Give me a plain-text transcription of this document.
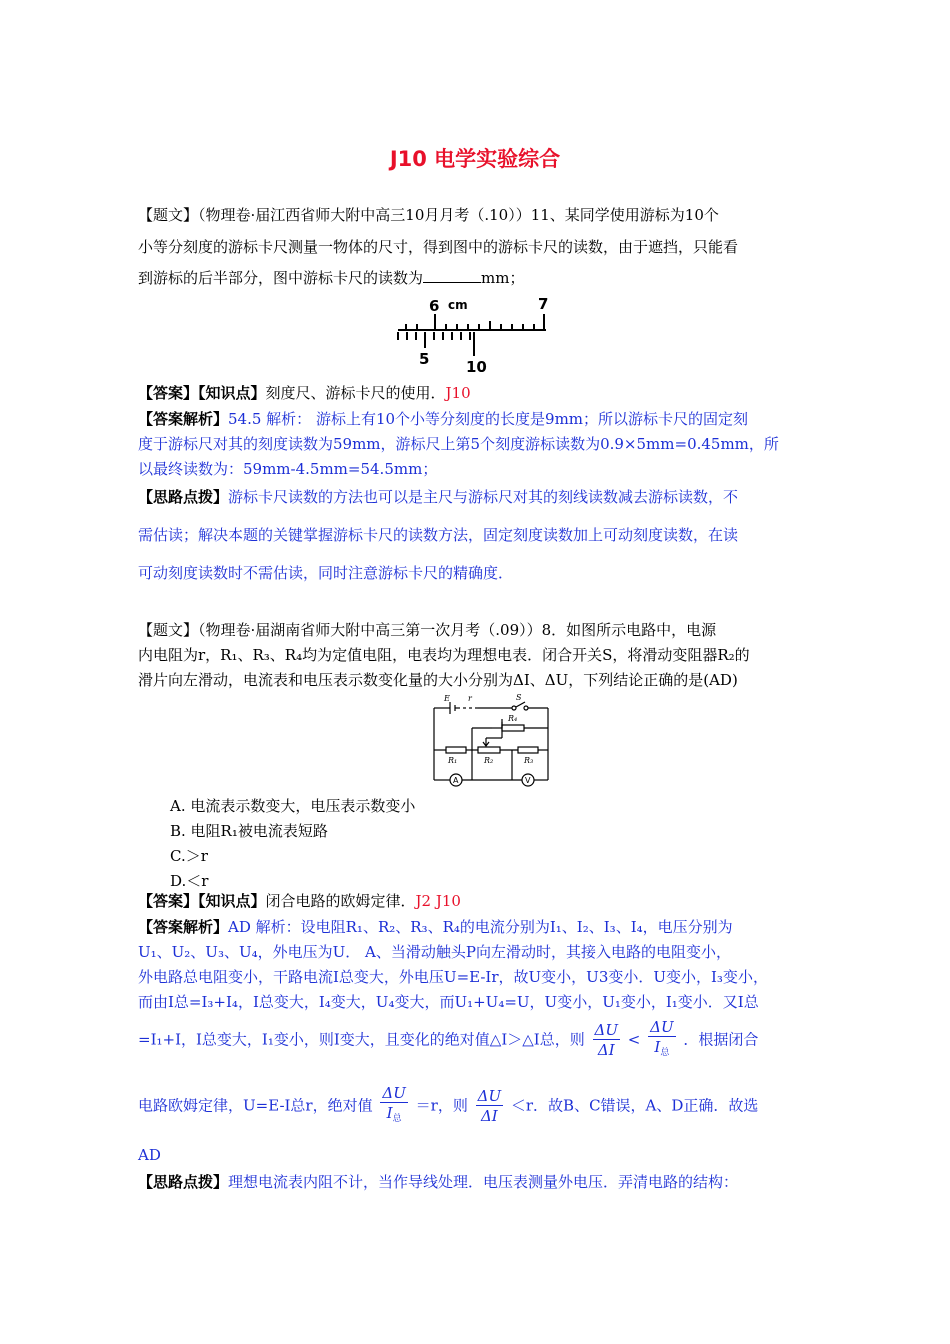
J10 电学实验综合
【题文】（物理卷·届江西省师大附中高三10月月考（.10））11、某同学使用游标为10个
小等分刻度的游标卡尺测量一物体的尺寸，得到图中的游标卡尺的读数，由于遮挡，只能看
到游标的后半部分，图中游标卡尺的读数为	mm；
6 cm	7
5 10
【答案】【知识点】刻度尺、游标卡尺的使用．J10
【答案解析】54.5 解析： 游标上有10个小等分刻度的长度是9mm；所以游标卡尺的固定刻
度于游标尺对其的刻度读数为59mm，游标尺上第5个刻度游标读数为0.9×5mm=0.45mm，所
以最终读数为：59mm-4.5mm=54.5mm；
【思路点拨】游标卡尺读数的方法也可以是主尺与游标尺对其的刻线读数减去游标读数，不
需估读；解决本题的关键掌握游标卡尺的读数方法，固定刻度读数加上可动刻度读数，在读
可动刻度读数时不需估读，同时注意游标卡尺的精确度．
【题文】（物理卷·届湖南省师大附中高三第一次月考（.09））8．如图所示电路中，电源
内电阻为r，R₁、R₃、R₄均为定值电阻，电表均为理想电表．闭合开关S，将滑动变阻器R₂的
滑片向左滑动，电流表和电压表示数变化量的大小分别为ΔI、ΔU，下列结论正确的是(AD)
E r	S
R₄
R₁	R₂	R₃
A	V
A. 电流表示数变大，电压表示数变小
B. 电阻R₁被电流表短路
C.＞r
D.＜r
【答案】【知识点】闭合电路的欧姆定律．J2 J10
【答案解析】AD 解析：设电阻R₁、R₂、R₃、R₄的电流分别为I₁、I₂、I₃、I₄，电压分别为
U₁、U₂、U₃、U₄，外电压为U． A、当滑动触头P向左滑动时，其接入电路的电阻变小，
外电路总电阻变小，干路电流I总变大，外电压U=E-Ir，故U变小，U3变小．U变小，I₃变小，
而由I总=I₃+I₄，I总变大，I₄变大，U₄变大，而U₁+U₄=U，U变小，U₁变小，I₁变小．又I总
=I₁+I，I总变大，I₁变小，则I变大，且变化的绝对值△I＞△I总，则 $\frac{\Delta U}{\Delta I} < \frac{\Delta U}{I_总}$ ．根据闭合
电路欧姆定律，U=E-I总r，绝对值 $\frac{\Delta U}{I_总} =r$，则 $\frac{\Delta U}{\Delta I} <r$．故B、C错误，A、D正确．故选
AD
【思路点拨】理想电流表内阻不计，当作导线处理．电压表测量外电压．弄清电路的结构：
